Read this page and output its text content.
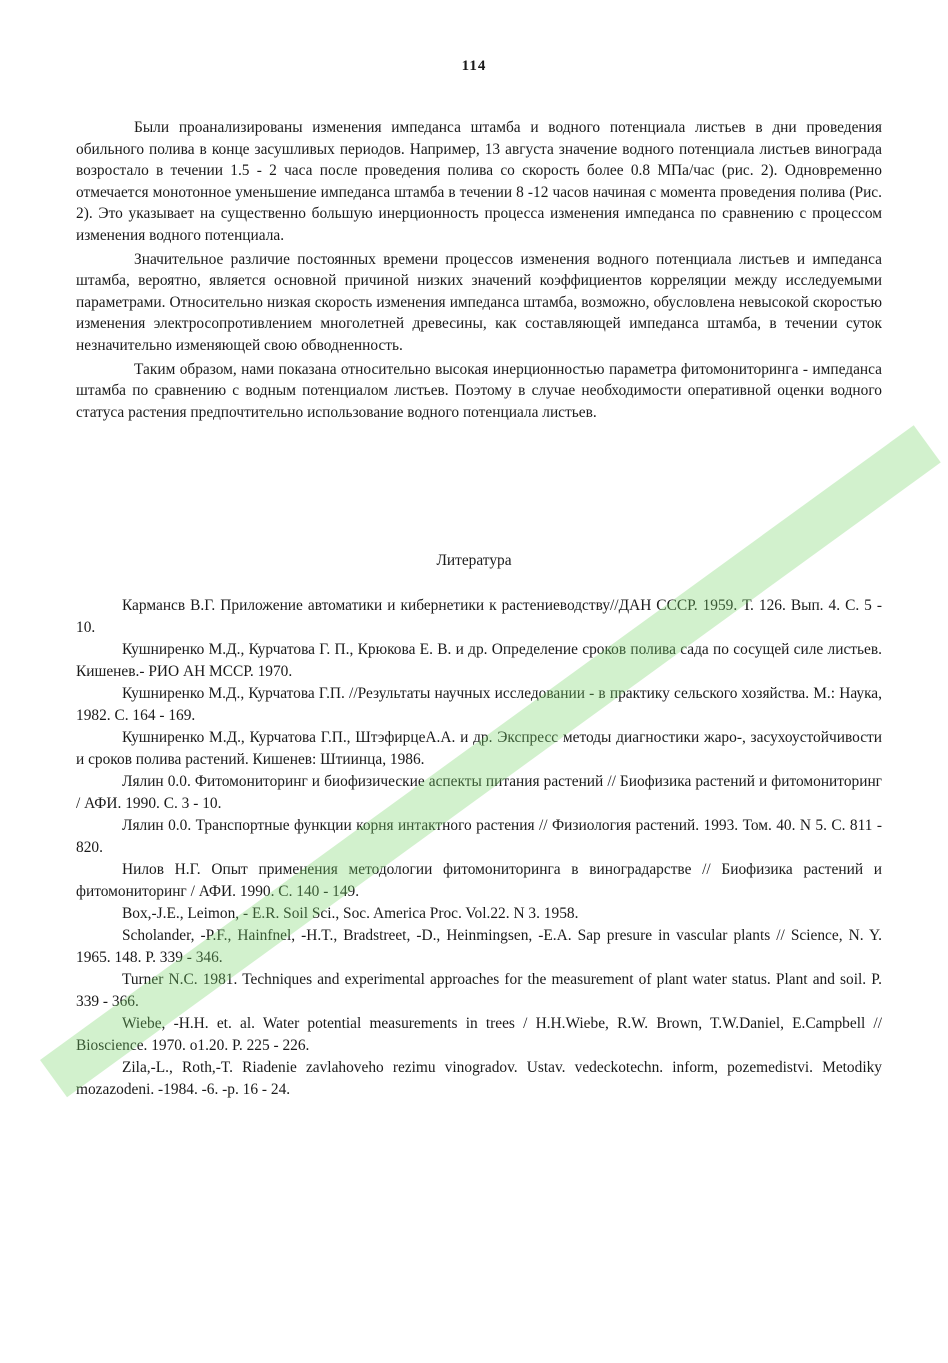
114

Были проанализированы изменения импеданса штамба и водного потенциала листьев в дни проведения обильного полива в конце засушливых периодов. Например, 13 августа значение водного потенциала листьев винограда возростало в течении 1.5 - 2 часа после проведения полива со скорость более 0.8 МПа/час (рис. 2). Одновременно отмечается монотонное уменьшение импеданса штамба в течении 8 -12 часов начиная с момента проведения полива (Рис. 2). Это указывает на существенно большую инерционность процесса изменения импеданса по сравнению с процессом изменения водного потенциала.

Значительное различие постоянных времени процессов изменения водного потенциала листьев и импеданса штамба, вероятно, является основной причиной низких значений коэффициентов корреляции между исследуемыми параметрами. Относительно низкая скорость изменения импеданса штамба, возможно, обусловлена невысокой скоростью изменения электросопротивлением многолетней древесины, как составляющей импеданса штамба, в течении суток незначительно изменяющей свою обводненность.

Таким образом, нами показана относительно высокая инерционностью параметра фитомониторинга - импеданса штамба по сравнению с водным потенциалом листьев. Поэтому в случае необходимости оперативной оценки водного статуса растения предпочтительно использование водного потенциала листьев.

Литература

Кармансв В.Г. Приложение автоматики и кибернетики к растениеводству//ДАН СССР. 1959. Т. 126. Вып. 4. С. 5 - 10.

Кушниренко М.Д., Курчатова Г. П., Крюкова Е. В. и др. Определение сроков полива сада по сосущей силе листьев. Кишенев.- РИО АН МССР. 1970.

Кушниренко М.Д., Курчатова Г.П. //Результаты научных исследовании - в практику сельского хозяйства. М.: Наука, 1982. С. 164 - 169.

Кушниренко М.Д., Курчатова Г.П., ШтэфирцеА.А. и др. Экспресс методы диагностики жаро-, засухоустойчивости и сроков полива растений. Кишенев: Штиинца, 1986.

Лялин 0.0. Фитомониторинг и биофизические аспекты питания растений // Биофизика растений и фитомониторинг / АФИ. 1990. С. 3 - 10.

Лялин 0.0. Транспортные функции корня интактного растения // Физиология растений. 1993. Том. 40. N 5. С. 811 - 820.

Нилов Н.Г. Опыт применения методологии фитомониторинга в виноградарстве // Биофизика растений и фитомониторинг / АФИ. 1990. С. 140 - 149.

Box,-J.E., Leimon, - E.R. Soil Sci., Soc. America Proc. Vol.22. N 3. 1958.

Scholander, -P.F., Hainfnel, -H.T., Bradstreet, -D., Heinmingsen, -E.A. Sap presure in vascular plants // Science, N. Y. 1965. 148. P. 339 - 346.

Turner N.C. 1981. Techniques and experimental approaches for the measurement of plant water status. Plant and soil. P. 339 - 366.

Wiebe, -H.H. et. al. Water potential measurements in trees / H.H.Wiebe, R.W. Brown, T.W.Daniel, E.Campbell // Bioscience. 1970. o1.20. P. 225 - 226.

Zila,-L., Roth,-T. Riadenie zavlahoveho rezimu vinogradov. Ustav. vedeckotechn. inform, pozemedistvi. Metodiky mozazodeni. -1984. -6. -p. 16 - 24.
